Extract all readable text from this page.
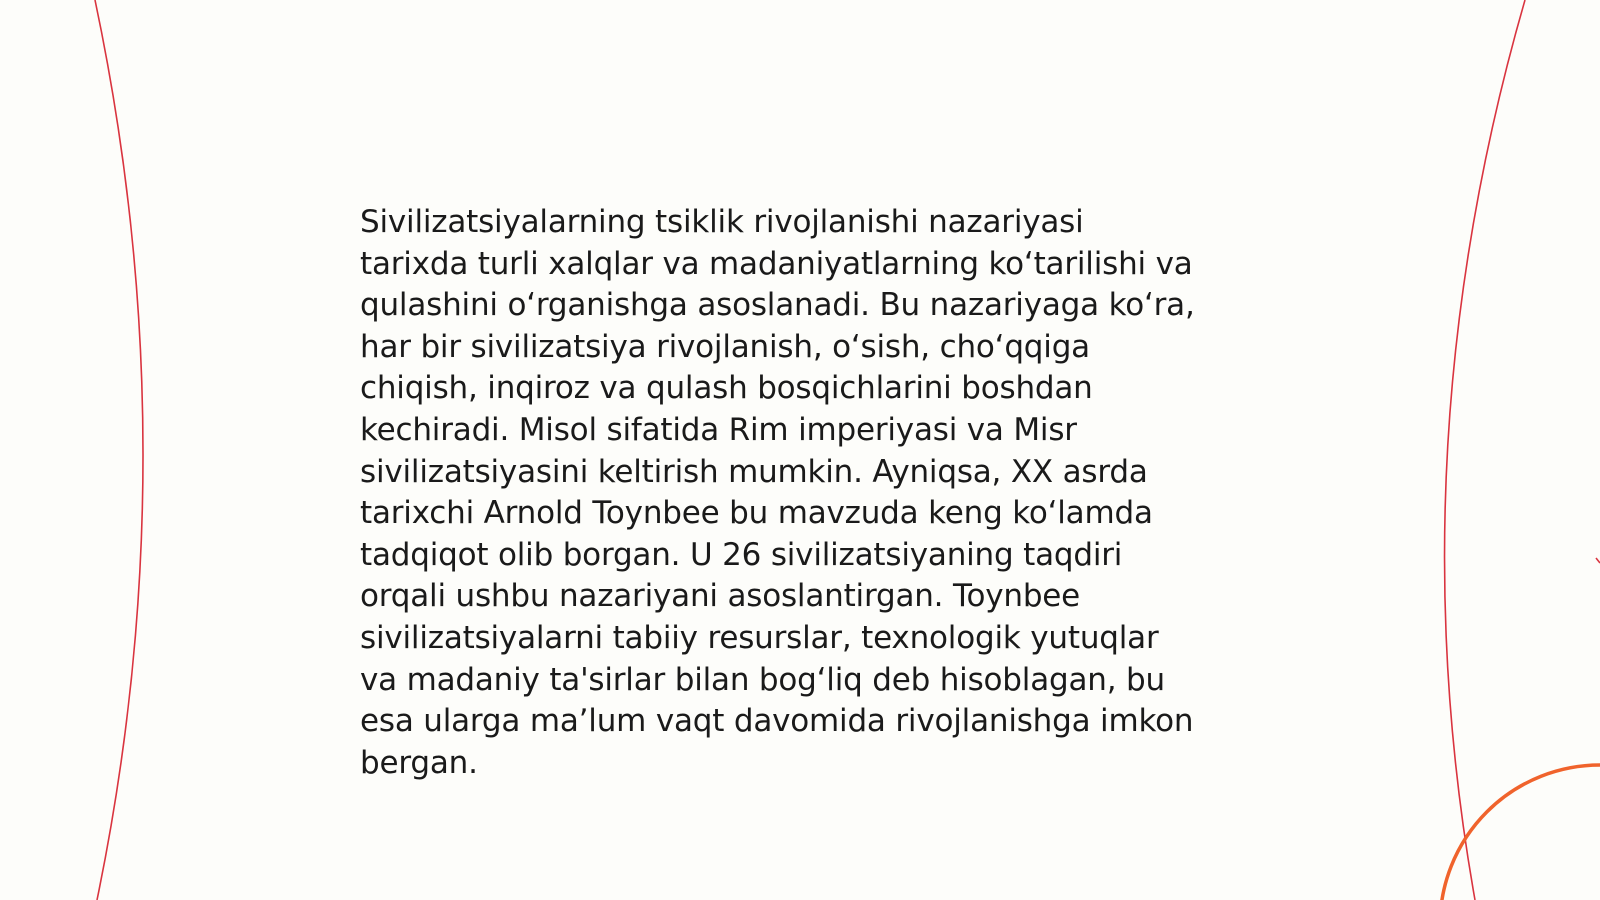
Sivilizatsiyalarning tsiklik rivojlanishi nazariyasi
tarixda turli xalqlar va madaniyatlarning koʻtarilishi va
qulashini oʻrganishga asoslanadi. Bu nazariyaga koʻra,
har bir sivilizatsiya rivojlanish, oʻsish, choʻqqiga
chiqish, inqiroz va qulash bosqichlarini boshdan
kechiradi. Misol sifatida Rim imperiyasi va Misr
sivilizatsiyasini keltirish mumkin. Ayniqsa, XX asrda
tarixchi Arnold Toynbee bu mavzuda keng koʻlamda
tadqiqot olib borgan. U 26 sivilizatsiyaning taqdiri
orqali ushbu nazariyani asoslantirgan. Toynbee
sivilizatsiyalarni tabiiy resurslar, texnologik yutuqlar
va madaniy ta'sirlar bilan bogʻliq deb hisoblagan, bu
esa ularga maʼlum vaqt davomida rivojlanishga imkon
bergan.
